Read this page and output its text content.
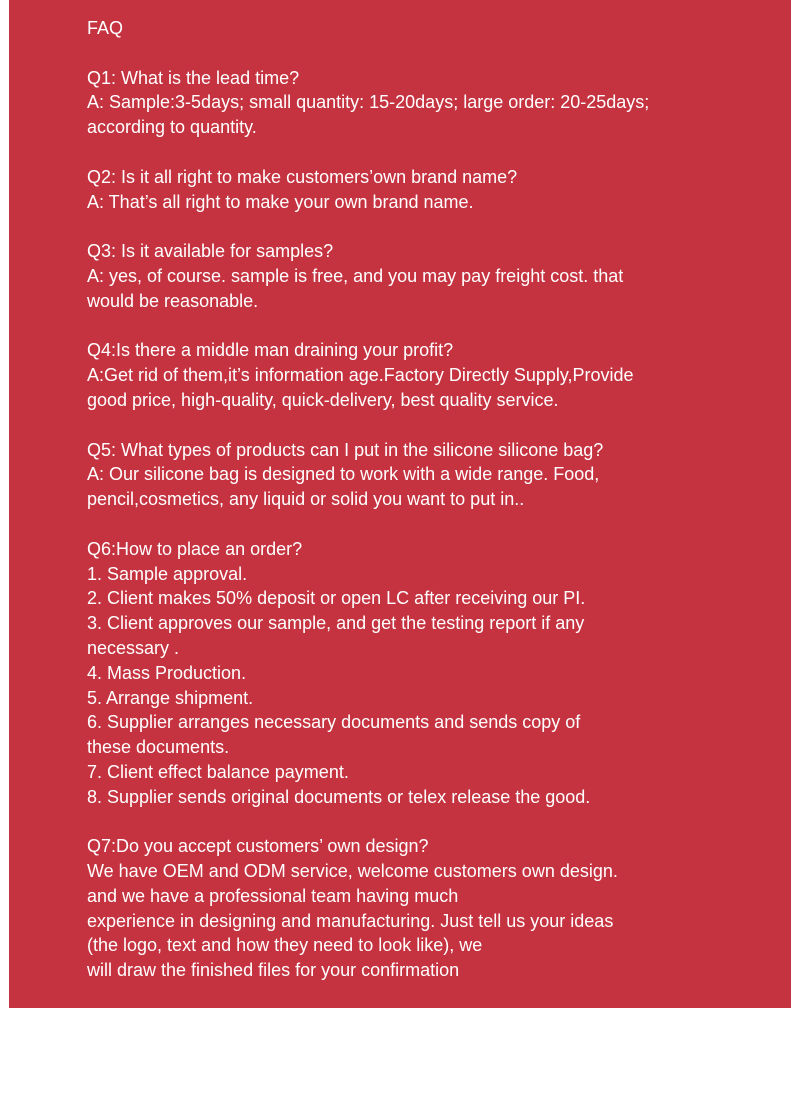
FAQ

Q1: What is the lead time?

A: Sample:3-5days; small quantity: 15-20days; large order: 20-25days;

according to quantity.

Q2: Is it all right to make customers’own brand name?

A: That’s all right to make your own brand name.

Q3: Is it available for samples?

A: yes, of course. sample is free, and you may pay freight cost. that

would be reasonable.

Q4:Is there a middle man draining your profit?

A:Get rid of them,it’s information age.Factory Directly Supply,Provide

good price, high-quality, quick-delivery, best quality service.

Q5: What types of products can I put in the silicone silicone bag?

A: Our silicone bag is designed to work with a wide range. Food,

pencil,cosmetics, any liquid or solid you want to put in..

Q6:How to place an order?

1. Sample approval.

2. Client makes 50% deposit or open LC after receiving our PI.

3. Client approves our sample, and get the testing report if any

necessary .

4. Mass Production.

5. Arrange shipment.

6. Supplier arranges necessary documents and sends copy of

these documents.

7. Client effect balance payment.

8. Supplier sends original documents or telex release the good.

Q7:Do you accept customers’ own design?

We have OEM and ODM service, welcome customers own design.

and we have a professional team having much

experience in designing and manufacturing. Just tell us your ideas

(the logo, text and how they need to look like), we

will draw the finished files for your confirmation
